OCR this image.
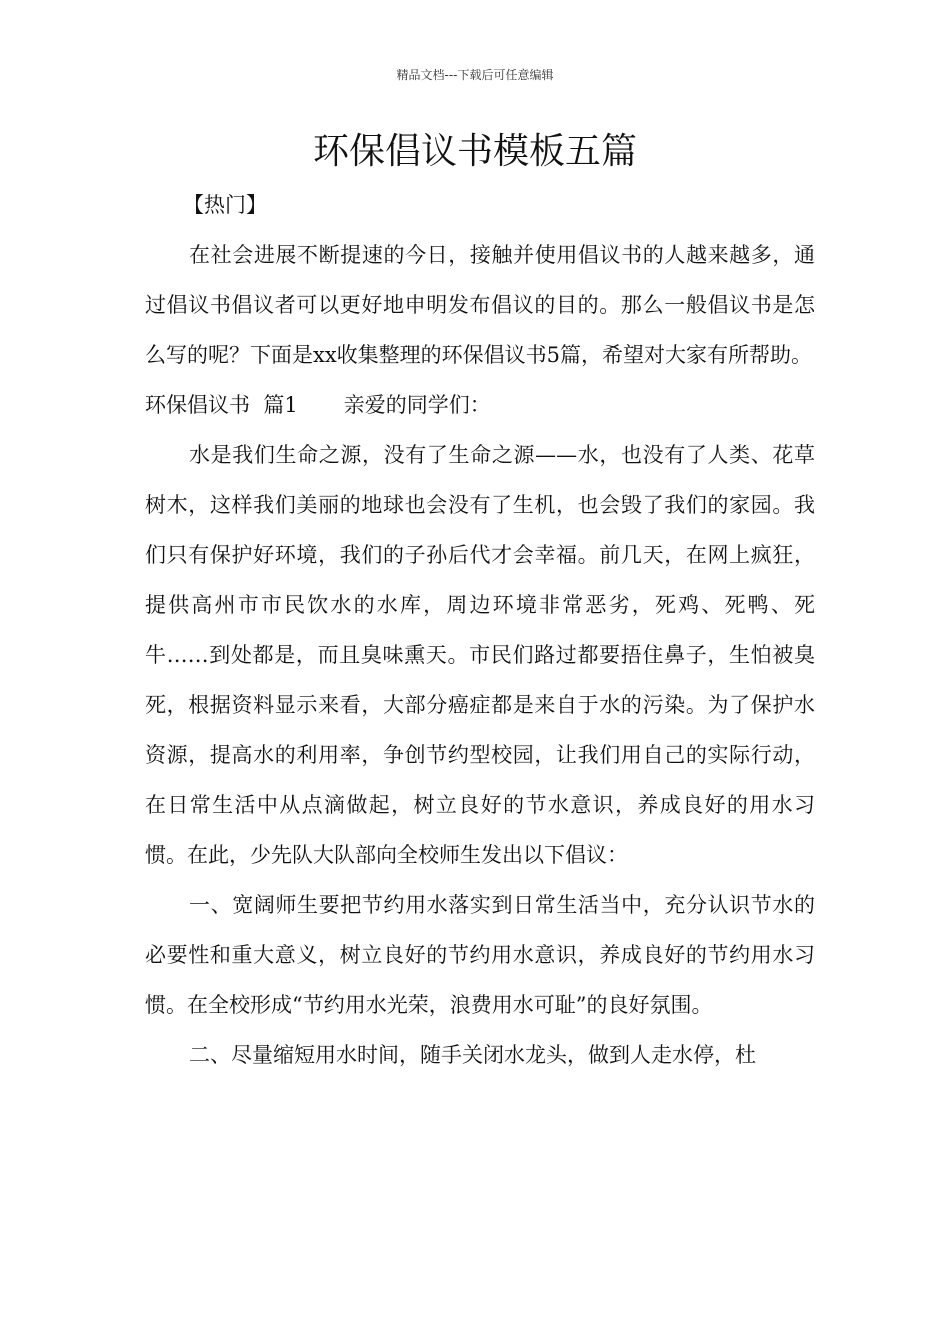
精品文档---下载后可任意编辑
环保倡议书模板五篇

【热门】

在社会进展不断提速的今日，接触并使用倡议书的人越来越多，通过倡议书倡议者可以更好地申明发布倡议的目的。那么一般倡议书是怎么写的呢？下面是xx收集整理的环保倡议书5篇，希望对大家有所帮助。

环保倡议书  篇1 亲爱的同学们：

水是我们生命之源，没有了生命之源——水，也没有了人类、花草树木，这样我们美丽的地球也会没有了生机，也会毁了我们的家园。我们只有保护好环境，我们的子孙后代才会幸福。前几天，在网上疯狂，提供高州市市民饮水的水库，周边环境非常恶劣，死鸡、死鸭、死牛……到处都是，而且臭味熏天。市民们路过都要捂住鼻子，生怕被臭死，根据资料显示来看，大部分癌症都是来自于水的污染。为了保护水资源，提高水的利用率，争创节约型校园，让我们用自己的实际行动，在日常生活中从点滴做起，树立良好的节水意识，养成良好的用水习惯。在此，少先队大队部向全校师生发出以下倡议：

一、宽阔师生要把节约用水落实到日常生活当中，充分认识节水的必要性和重大意义，树立良好的节约用水意识，养成良好的节约用水习惯。在全校形成“节约用水光荣，浪费用水可耻”的良好氛围。

二、尽量缩短用水时间，随手关闭水龙头，做到人走水停，杜
